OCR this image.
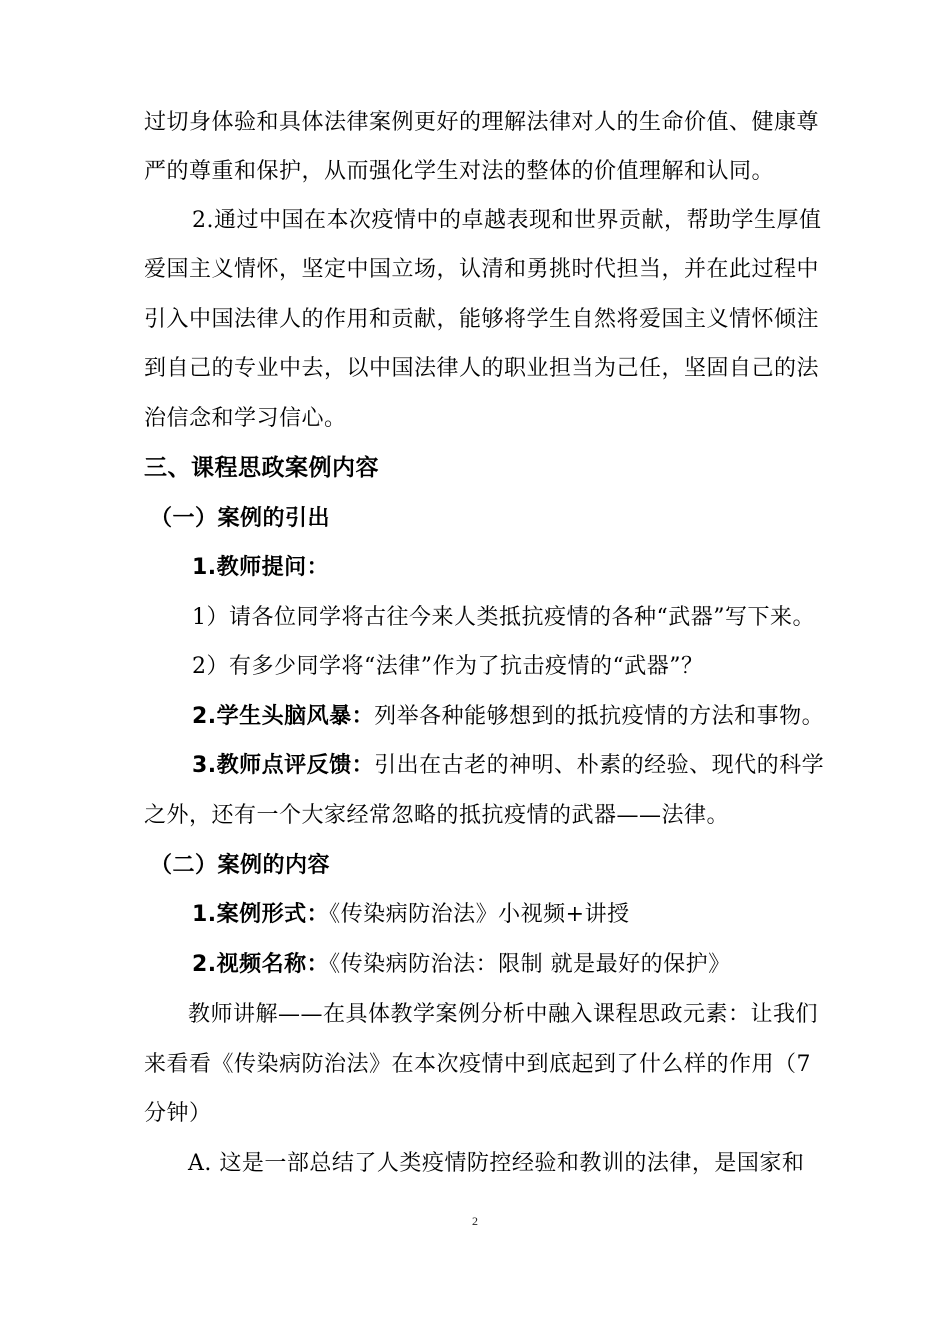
过切身体验和具体法律案例更好的理解法律对人的生命价值、健康尊
严的尊重和保护，从而强化学生对法的整体的价值理解和认同。
2.通过中国在本次疫情中的卓越表现和世界贡献，帮助学生厚值
爱国主义情怀，坚定中国立场，认清和勇挑时代担当，并在此过程中
引入中国法律人的作用和贡献，能够将学生自然将爱国主义情怀倾注
到自己的专业中去，以中国法律人的职业担当为己任，坚固自己的法
治信念和学习信心。
三、课程思政案例内容
（一）案例的引出
1.教师提问：
1）请各位同学将古往今来人类抵抗疫情的各种“武器”写下来。
2）有多少同学将“法律”作为了抗击疫情的“武器”？
2.学生头脑风暴：列举各种能够想到的抵抗疫情的方法和事物。
3.教师点评反馈：引出在古老的神明、朴素的经验、现代的科学
之外，还有一个大家经常忽略的抵抗疫情的武器——法律。
（二）案例的内容
1.案例形式：《传染病防治法》小视频+讲授
2.视频名称：《传染病防治法：限制 就是最好的保护》
教师讲解——在具体教学案例分析中融入课程思政元素：让我们
来看看《传染病防治法》在本次疫情中到底起到了什么样的作用（7
分钟）
A. 这是一部总结了人类疫情防控经验和教训的法律，是国家和
2
